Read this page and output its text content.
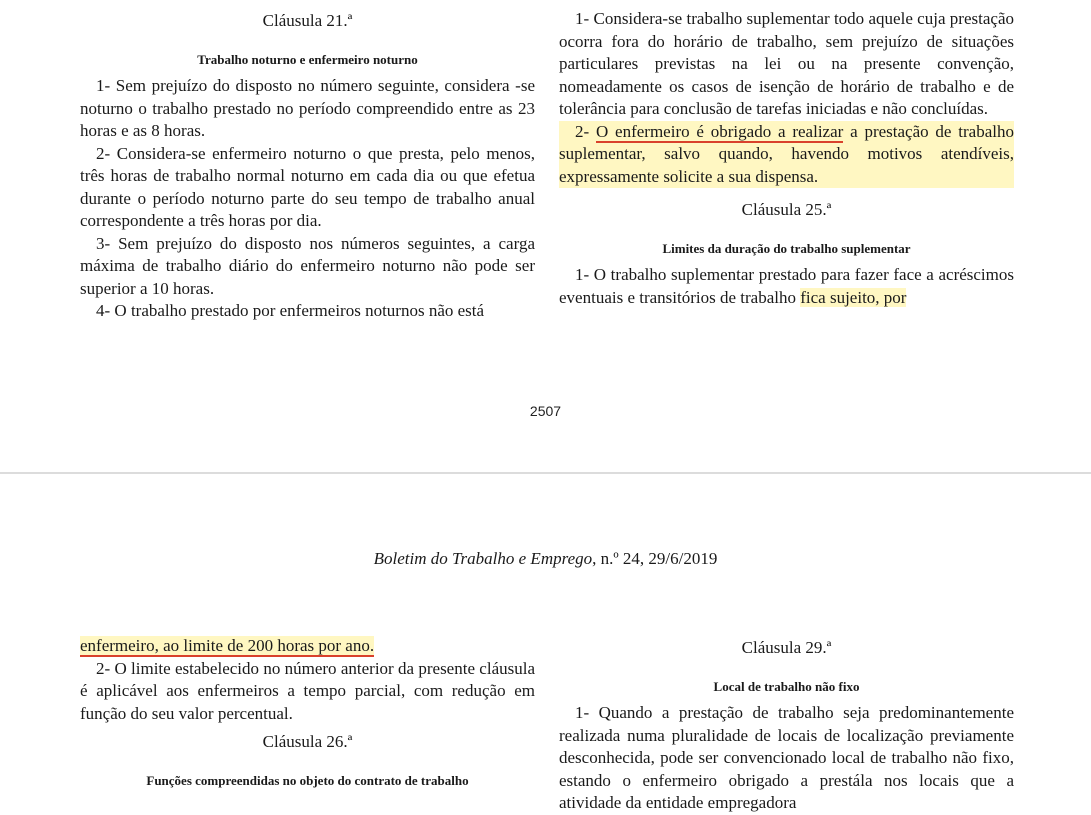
Cláusula 21.ª

Trabalho noturno e enfermeiro noturno

1- Sem prejuízo do disposto no número seguinte, considera -se noturno o trabalho prestado no período compreendido entre as 23 horas e as 8 horas.

2- Considera-se enfermeiro noturno o que presta, pelo menos, três horas de trabalho normal noturno em cada dia ou que efetua durante o período noturno parte do seu tempo de trabalho anual correspondente a três horas por dia.

3- Sem prejuízo do disposto nos números seguintes, a carga máxima de trabalho diário do enfermeiro noturno não pode ser superior a 10 horas.

4- O trabalho prestado por enfermeiros noturnos não está

1- Considera-se trabalho suplementar todo aquele cuja prestação ocorra fora do horário de trabalho, sem prejuízo de situações particulares previstas na lei ou na presente convenção, nomeadamente os casos de isenção de horário de trabalho e de tolerância para conclusão de tarefas iniciadas e não concluídas.

2- O enfermeiro é obrigado a realizar a prestação de trabalho suplementar, salvo quando, havendo motivos atendíveis, expressamente solicite a sua dispensa.

Cláusula 25.ª

Limites da duração do trabalho suplementar

1- O trabalho suplementar prestado para fazer face a acréscimos eventuais e transitórios de trabalho fica sujeito, por

2507
Boletim do Trabalho e Emprego, n.º 24, 29/6/2019

enfermeiro, ao limite de 200 horas por ano.

2- O limite estabelecido no número anterior da presente cláusula é aplicável aos enfermeiros a tempo parcial, com redução em função do seu valor percentual.

Cláusula 26.ª

Funções compreendidas no objeto do contrato de trabalho

Cláusula 29.ª

Local de trabalho não fixo

1- Quando a prestação de trabalho seja predominantemente realizada numa pluralidade de locais de localização previamente desconhecida, pode ser convencionado local de trabalho não fixo, estando o enfermeiro obrigado a prestála nos locais que a atividade da entidade empregadora
